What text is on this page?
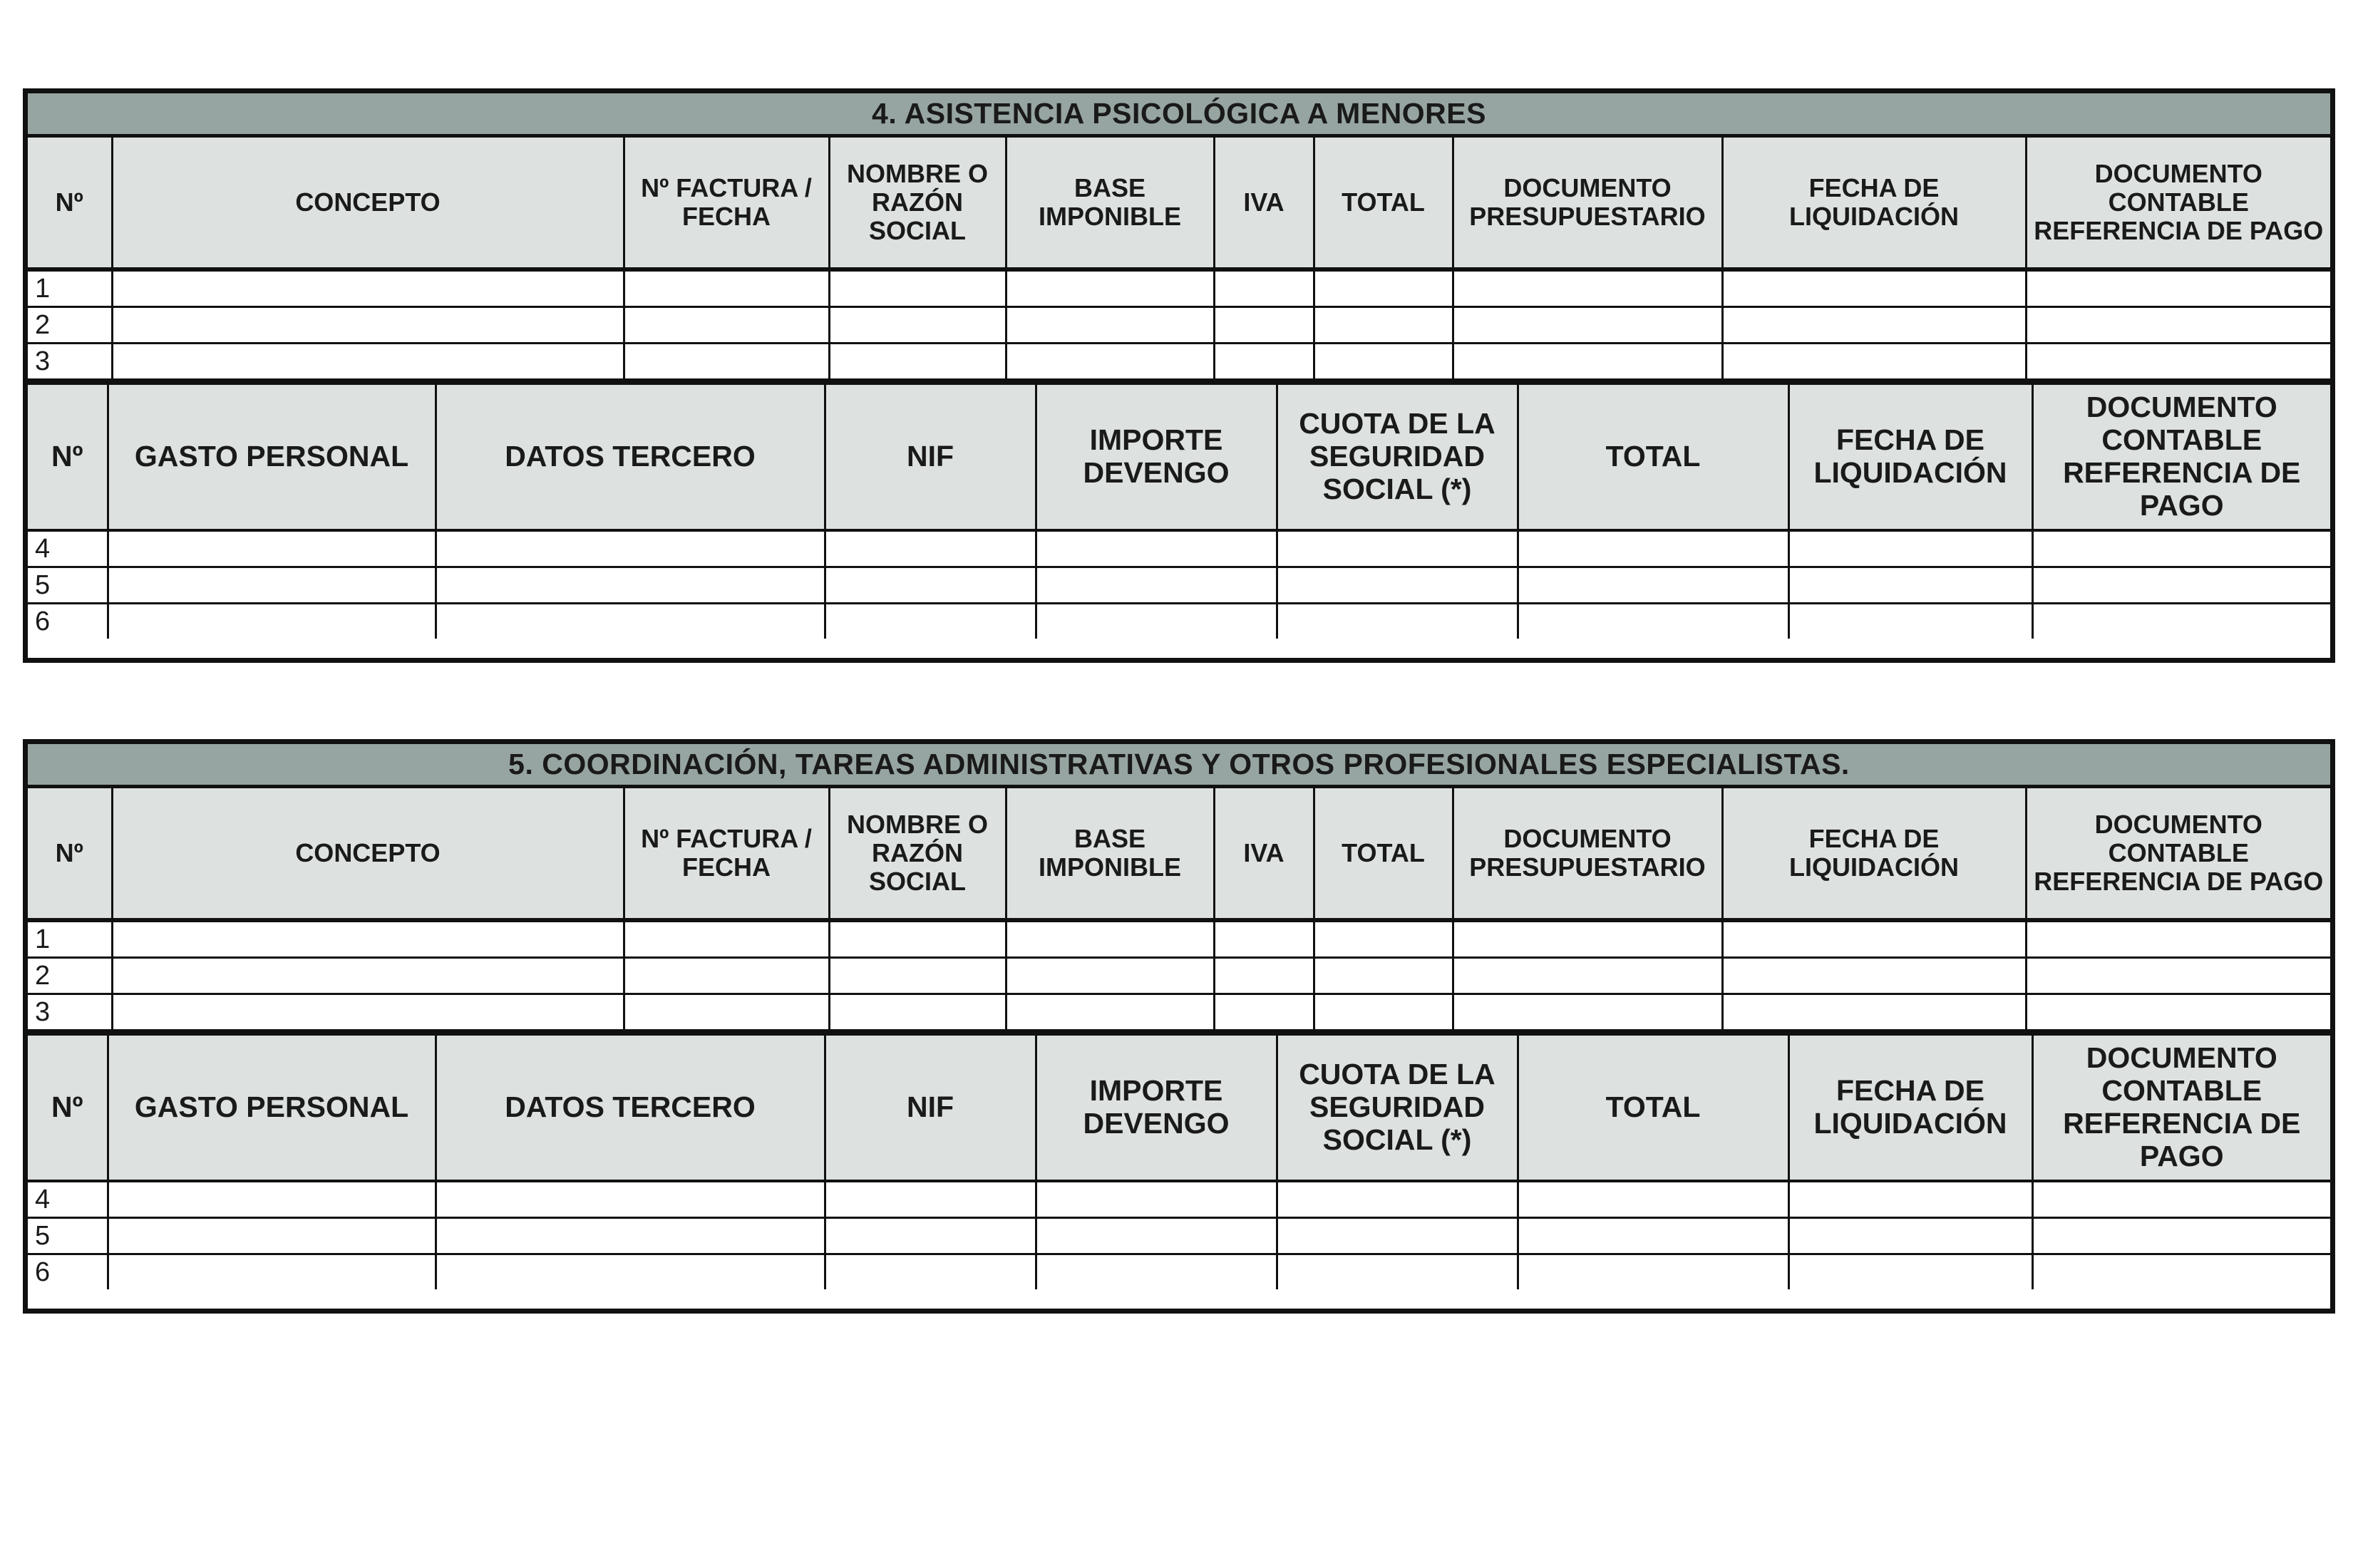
4. ASISTENCIA PSICOLÓGICA A MENORES
Nº	CONCEPTO	Nº FACTURA / FECHA	NOMBRE O RAZÓN SOCIAL	BASE IMPONIBLE	IVA	TOTAL	DOCUMENTO PRESUPUESTARIO	FECHA DE LIQUIDACIÓN	DOCUMENTO CONTABLE REFERENCIA DE PAGO
1									
2									
3									
Nº	GASTO PERSONAL	DATOS TERCERO	NIF	IMPORTE DEVENGO	CUOTA DE LA SEGURIDAD SOCIAL (*)	TOTAL	FECHA DE LIQUIDACIÓN	DOCUMENTO CONTABLE REFERENCIA DE PAGO
4								
5								
6								
5. COORDINACIÓN, TAREAS ADMINISTRATIVAS Y OTROS PROFESIONALES ESPECIALISTAS.
Nº	CONCEPTO	Nº FACTURA / FECHA	NOMBRE O RAZÓN SOCIAL	BASE IMPONIBLE	IVA	TOTAL	DOCUMENTO PRESUPUESTARIO	FECHA DE LIQUIDACIÓN	DOCUMENTO CONTABLE REFERENCIA DE PAGO
1									
2									
3									
Nº	GASTO PERSONAL	DATOS TERCERO	NIF	IMPORTE DEVENGO	CUOTA DE LA SEGURIDAD SOCIAL (*)	TOTAL	FECHA DE LIQUIDACIÓN	DOCUMENTO CONTABLE REFERENCIA DE PAGO
4								
5								
6								
